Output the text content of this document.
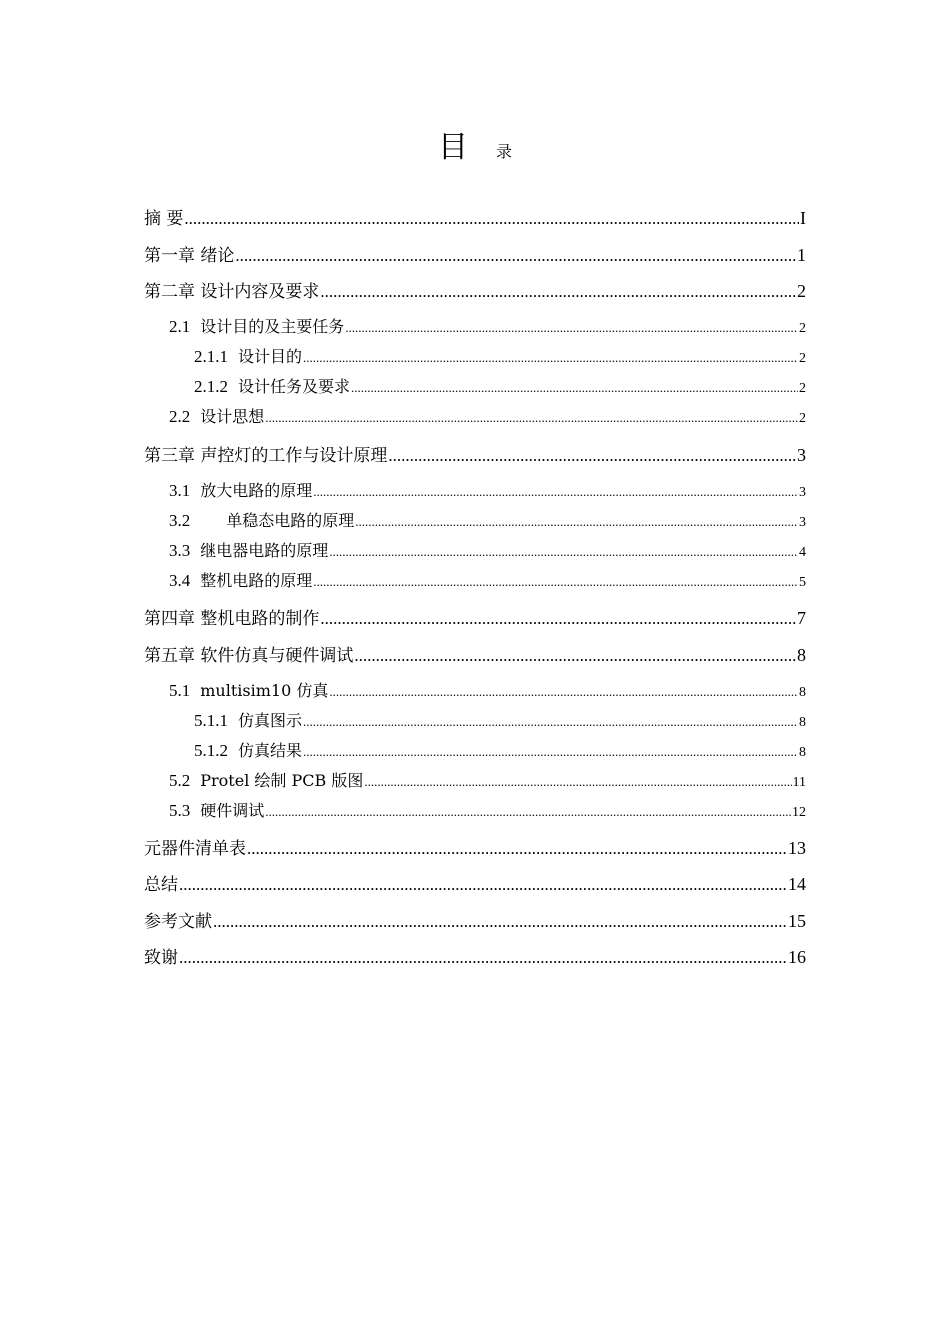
目 录
摘 要 .....	I
第一章 绪论 .....	1
第二章 设计内容及要求 .....	2
2.1 设计目的及主要任务 .....	2
2.1.1 设计目的 .....	2
2.1.2 设计任务及要求 .....	2
2.2 设计思想 .....	2
第三章 声控灯的工作与设计原理 .....	3
3.1 放大电路的原理 .....	3
3.2 单稳态电路的原理 .....	3
3.3 继电器电路的原理 .....	4
3.4 整机电路的原理 .....	5
第四章 整机电路的制作 .....	7
第五章 软件仿真与硬件调试 .....	8
5.1 multisim10 仿真 .....	8
5.1.1 仿真图示 .....	8
5.1.2 仿真结果 .....	8
5.2 Protel 绘制 PCB 版图 .....	11
5.3 硬件调试 .....	12
元器件清单表 .....	13
总结 .....	14
参考文献 .....	15
致谢 .....	16
